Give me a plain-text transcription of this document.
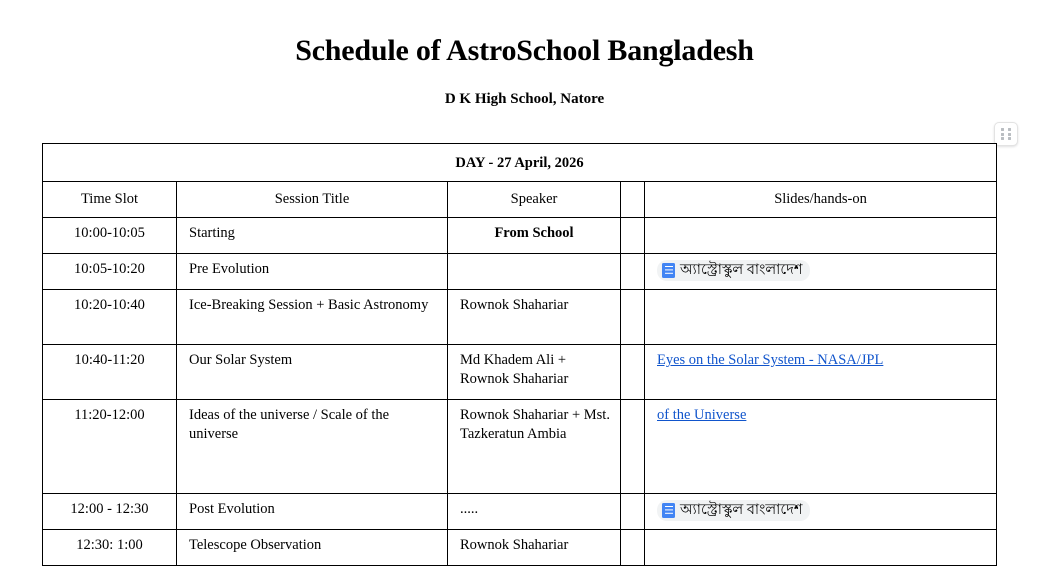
Schedule of AstroSchool Bangladesh
D K High School, Natore
DAY - 27 April, 2026				

Time Slot	Session Title	Speaker		Slides/hands-on

10:00-10:05	Starting	From School		

10:05-10:20	Pre Evolution			অ্যাস্ট্রোস্কুল বাংলাদেশ

10:20-10:40	Ice-Breaking Session + Basic Astronomy	Rownok Shahariar		

10:40-11:20	Our Solar System	Md Khadem Ali + Rownok Shahariar		Eyes on the Solar System - NASA/JPL

11:20-12:00	Ideas of the universe / Scale of the universe	Rownok Shahariar + Mst. Tazkeratun Ambia		of the Universe

12:00 - 12:30	Post Evolution	.....		অ্যাস্ট্রোস্কুল বাংলাদেশ

12:30: 1:00	Telescope Observation	Rownok Shahariar		
